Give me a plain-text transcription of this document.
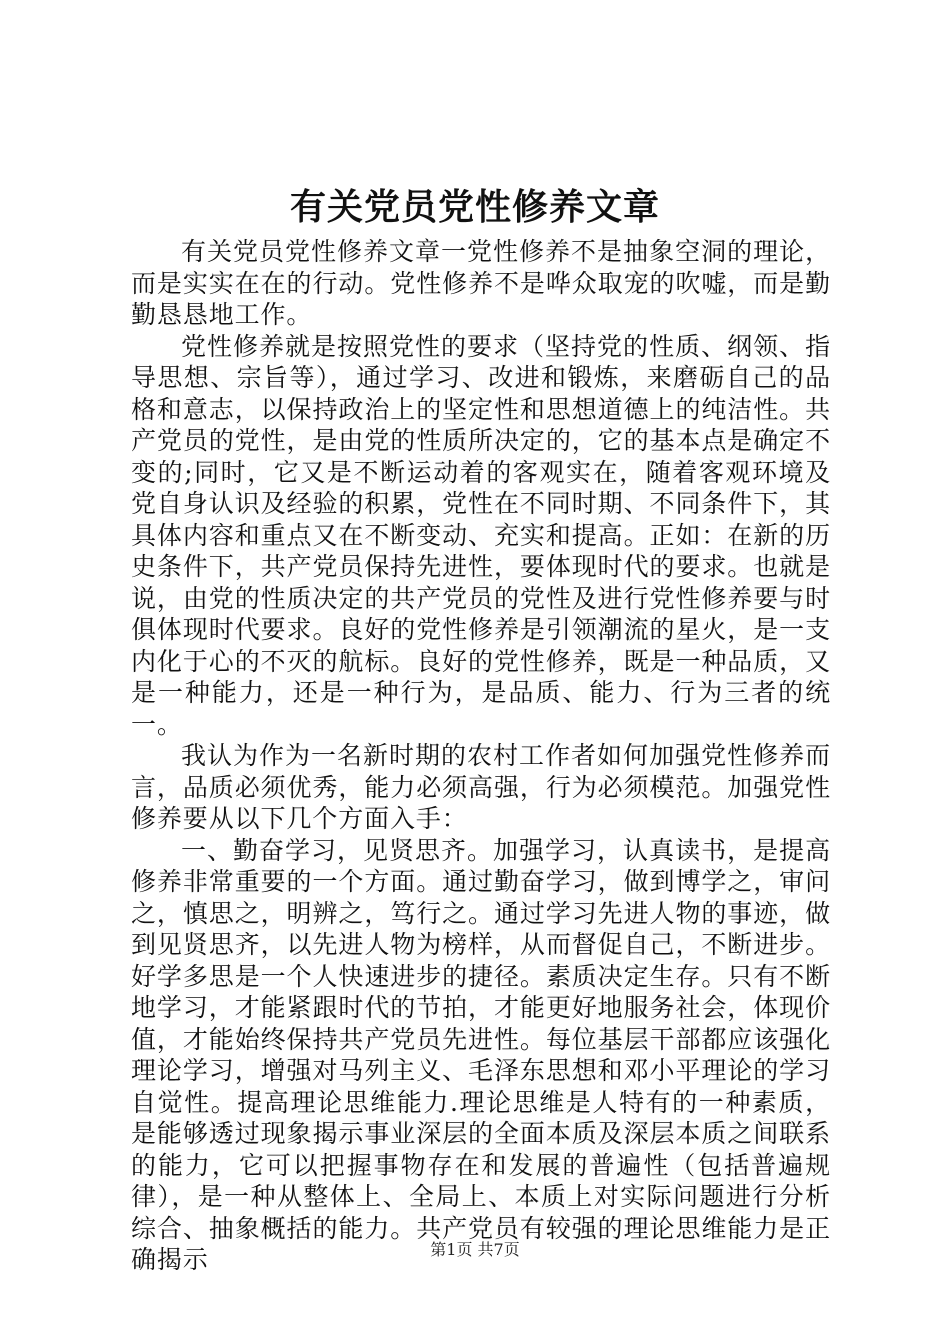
有关党员党性修养文章

有关党员党性修养文章一党性修养不是抽象空洞的理论，而是实实在在的行动。党性修养不是哗众取宠的吹嘘，而是勤勤恳恳地工作。

党性修养就是按照党性的要求（坚持党的性质、纲领、指导思想、宗旨等），通过学习、改进和锻炼，来磨砺自己的品格和意志，以保持政治上的坚定性和思想道德上的纯洁性。共产党员的党性，是由党的性质所决定的，它的基本点是确定不变的;同时，它又是不断运动着的客观实在，随着客观环境及党自身认识及经验的积累，党性在不同时期、不同条件下，其具体内容和重点又在不断变动、充实和提高。正如：在新的历史条件下，共产党员保持先进性，要体现时代的要求。也就是说，由党的性质决定的共产党员的党性及进行党性修养要与时俱体现时代要求。良好的党性修养是引领潮流的星火，是一支内化于心的不灭的航标。良好的党性修养，既是一种品质，又是一种能力，还是一种行为，是品质、能力、行为三者的统一。

我认为作为一名新时期的农村工作者如何加强党性修养而言，品质必须优秀，能力必须高强，行为必须模范。加强党性修养要从以下几个方面入手：

一、勤奋学习，见贤思齐。加强学习，认真读书，是提高修养非常重要的一个方面。通过勤奋学习，做到博学之，审问之，慎思之，明辨之，笃行之。通过学习先进人物的事迹，做到见贤思齐，以先进人物为榜样，从而督促自己，不断进步。好学多思是一个人快速进步的捷径。素质决定生存。只有不断地学习，才能紧跟时代的节拍，才能更好地服务社会，体现价值，才能始终保持共产党员先进性。每位基层干部都应该强化理论学习，增强对马列主义、毛泽东思想和邓小平理论的学习自觉性。提高理论思维能力.理论思维是人特有的一种素质，是能够透过现象揭示事业深层的全面本质及深层本质之间联系的能力，它可以把握事物存在和发展的普遍性（包括普遍规律），是一种从整体上、全局上、本质上对实际问题进行分析综合、抽象概括的能力。共产党员有较强的理论思维能力是正确揭示	第1页 共7页
